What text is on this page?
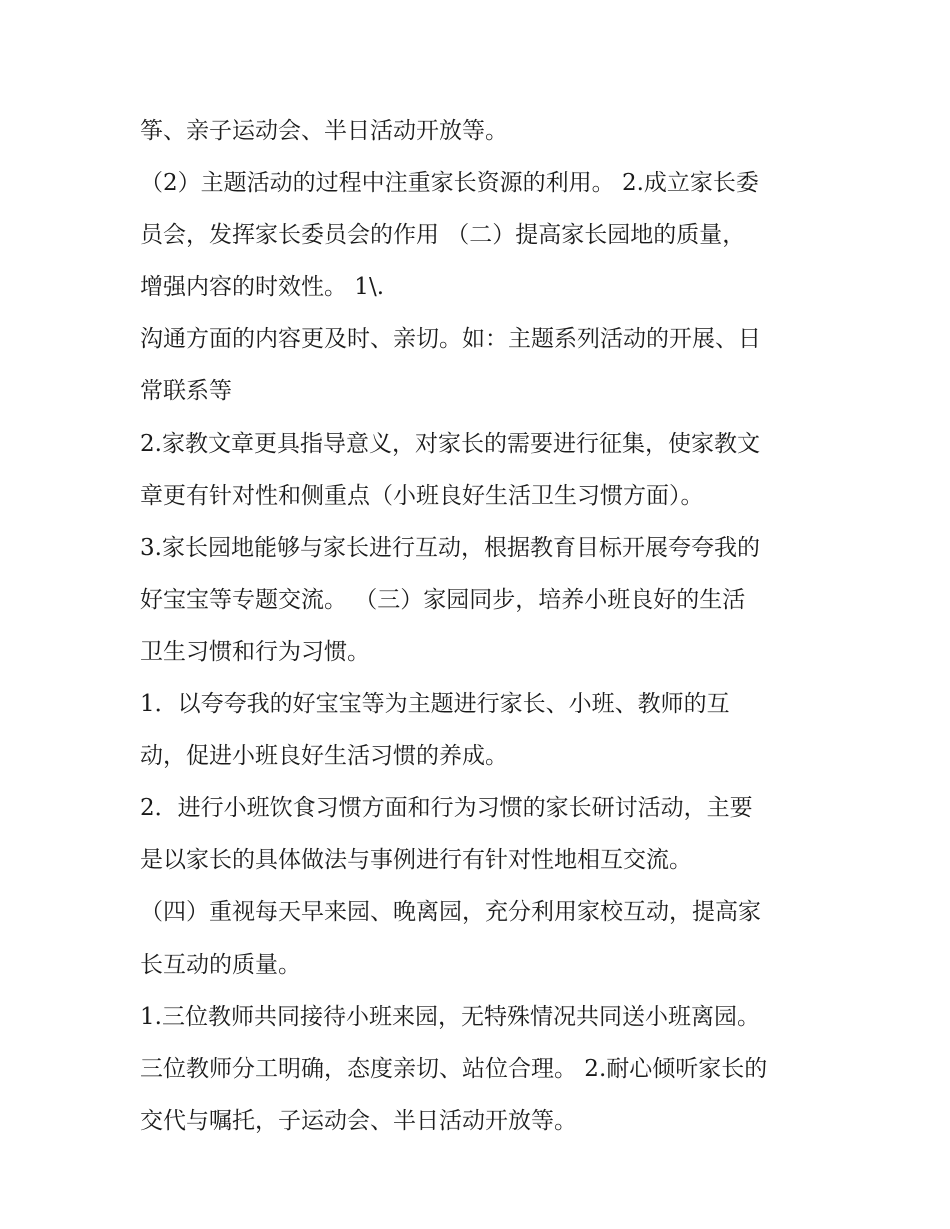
筝、亲子运动会、半日活动开放等。
（2）主题活动的过程中注重家长资源的利用。 2.成立家长委
员会，发挥家长委员会的作用 （二）提高家长园地的质量，
增强内容的时效性。 1\.
沟通方面的内容更及时、亲切。如：主题系列活动的开展、日
常联系等
2.家教文章更具指导意义，对家长的需要进行征集，使家教文
章更有针对性和侧重点（小班良好生活卫生习惯方面）。
3.家长园地能够与家长进行互动，根据教育目标开展夸夸我的
好宝宝等专题交流。 （三）家园同步，培养小班良好的生活
卫生习惯和行为习惯。
1．以夸夸我的好宝宝等为主题进行家长、小班、教师的互
动，促进小班良好生活习惯的养成。
2．进行小班饮食习惯方面和行为习惯的家长研讨活动，主要
是以家长的具体做法与事例进行有针对性地相互交流。
（四）重视每天早来园、晚离园，充分利用家校互动，提高家
长互动的质量。
1.三位教师共同接待小班来园，无特殊情况共同送小班离园。
三位教师分工明确，态度亲切、站位合理。 2.耐心倾听家长的
交代与嘱托，子运动会、半日活动开放等。
